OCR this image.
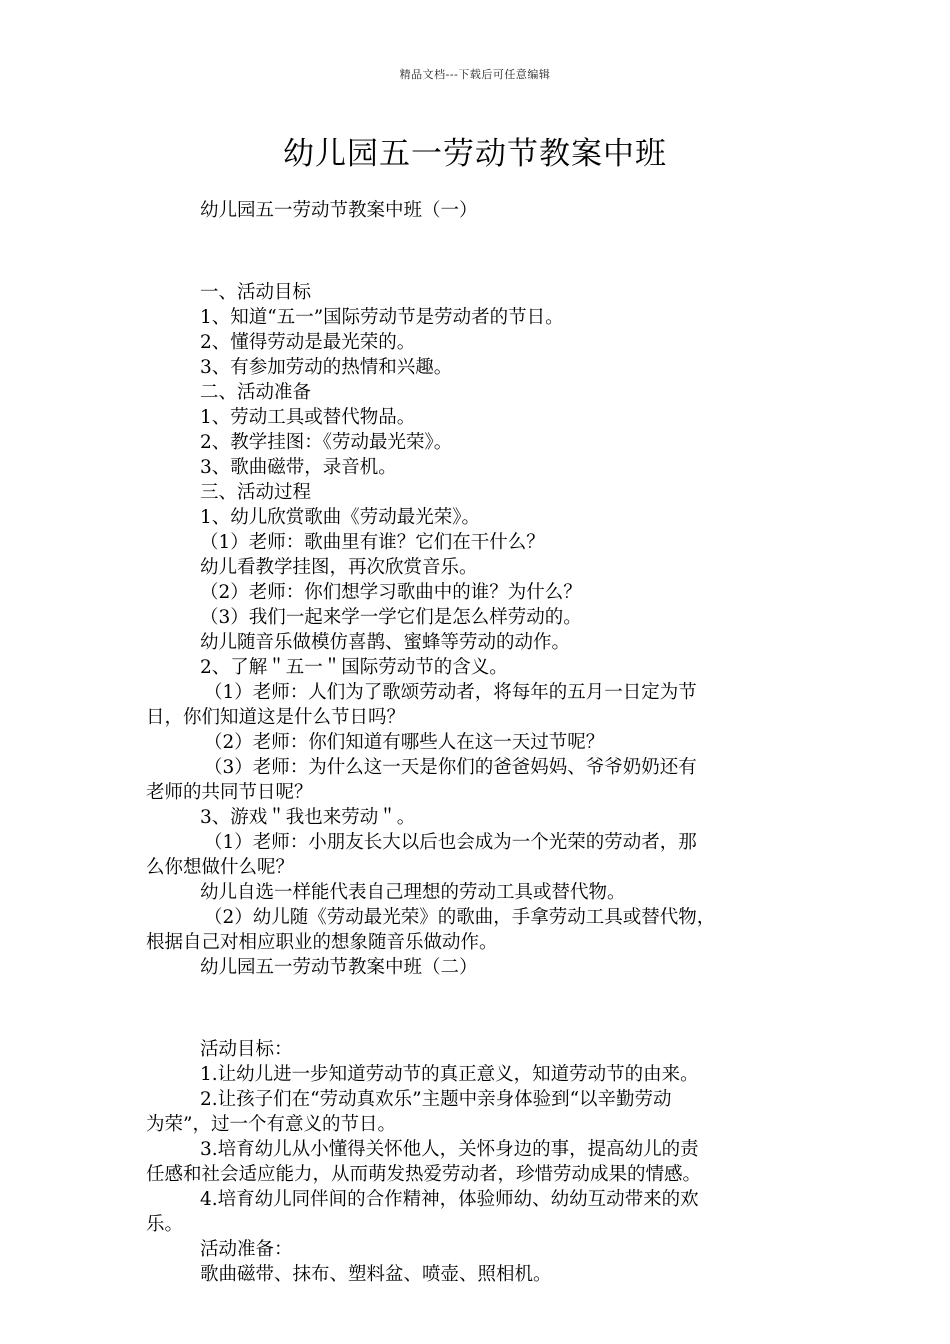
精品文档---下载后可任意编辑
幼儿园五一劳动节教案中班

幼儿园五一劳动节教案中班（一）

一、活动目标

1、知道“五一”国际劳动节是劳动者的节日。

2、懂得劳动是最光荣的。

3、有参加劳动的热情和兴趣。

二、活动准备

1、劳动工具或替代物品。

2、教学挂图：《劳动最光荣》。

3、歌曲磁带，录音机。

三、活动过程

1、幼儿欣赏歌曲《劳动最光荣》。

（1）老师：歌曲里有谁？它们在干什么？

幼儿看教学挂图，再次欣赏音乐。

（2）老师：你们想学习歌曲中的谁？为什么？

（3）我们一起来学一学它们是怎么样劳动的。

幼儿随音乐做模仿喜鹊、蜜蜂等劳动的动作。

2、了解＂五一＂国际劳动节的含义。

（1）老师：人们为了歌颂劳动者，将每年的五月一日定为节

日，你们知道这是什么节日吗？

（2）老师：你们知道有哪些人在这一天过节呢？

（3）老师：为什么这一天是你们的爸爸妈妈、爷爷奶奶还有

老师的共同节日呢？

3、游戏＂我也来劳动＂。

（1）老师：小朋友长大以后也会成为一个光荣的劳动者，那

么你想做什么呢？

幼儿自选一样能代表自己理想的劳动工具或替代物。

（2）幼儿随《劳动最光荣》的歌曲，手拿劳动工具或替代物，

根据自己对相应职业的想象随音乐做动作。

幼儿园五一劳动节教案中班（二）

活动目标：

1.让幼儿进一步知道劳动节的真正意义，知道劳动节的由来。

2.让孩子们在“劳动真欢乐”主题中亲身体验到“以辛勤劳动

为荣”，过一个有意义的节日。

3.培育幼儿从小懂得关怀他人，关怀身边的事，提高幼儿的责

任感和社会适应能力，从而萌发热爱劳动者，珍惜劳动成果的情感。

4.培育幼儿同伴间的合作精神，体验师幼、幼幼互动带来的欢

乐。

活动准备：

歌曲磁带、抹布、塑料盆、喷壶、照相机。
